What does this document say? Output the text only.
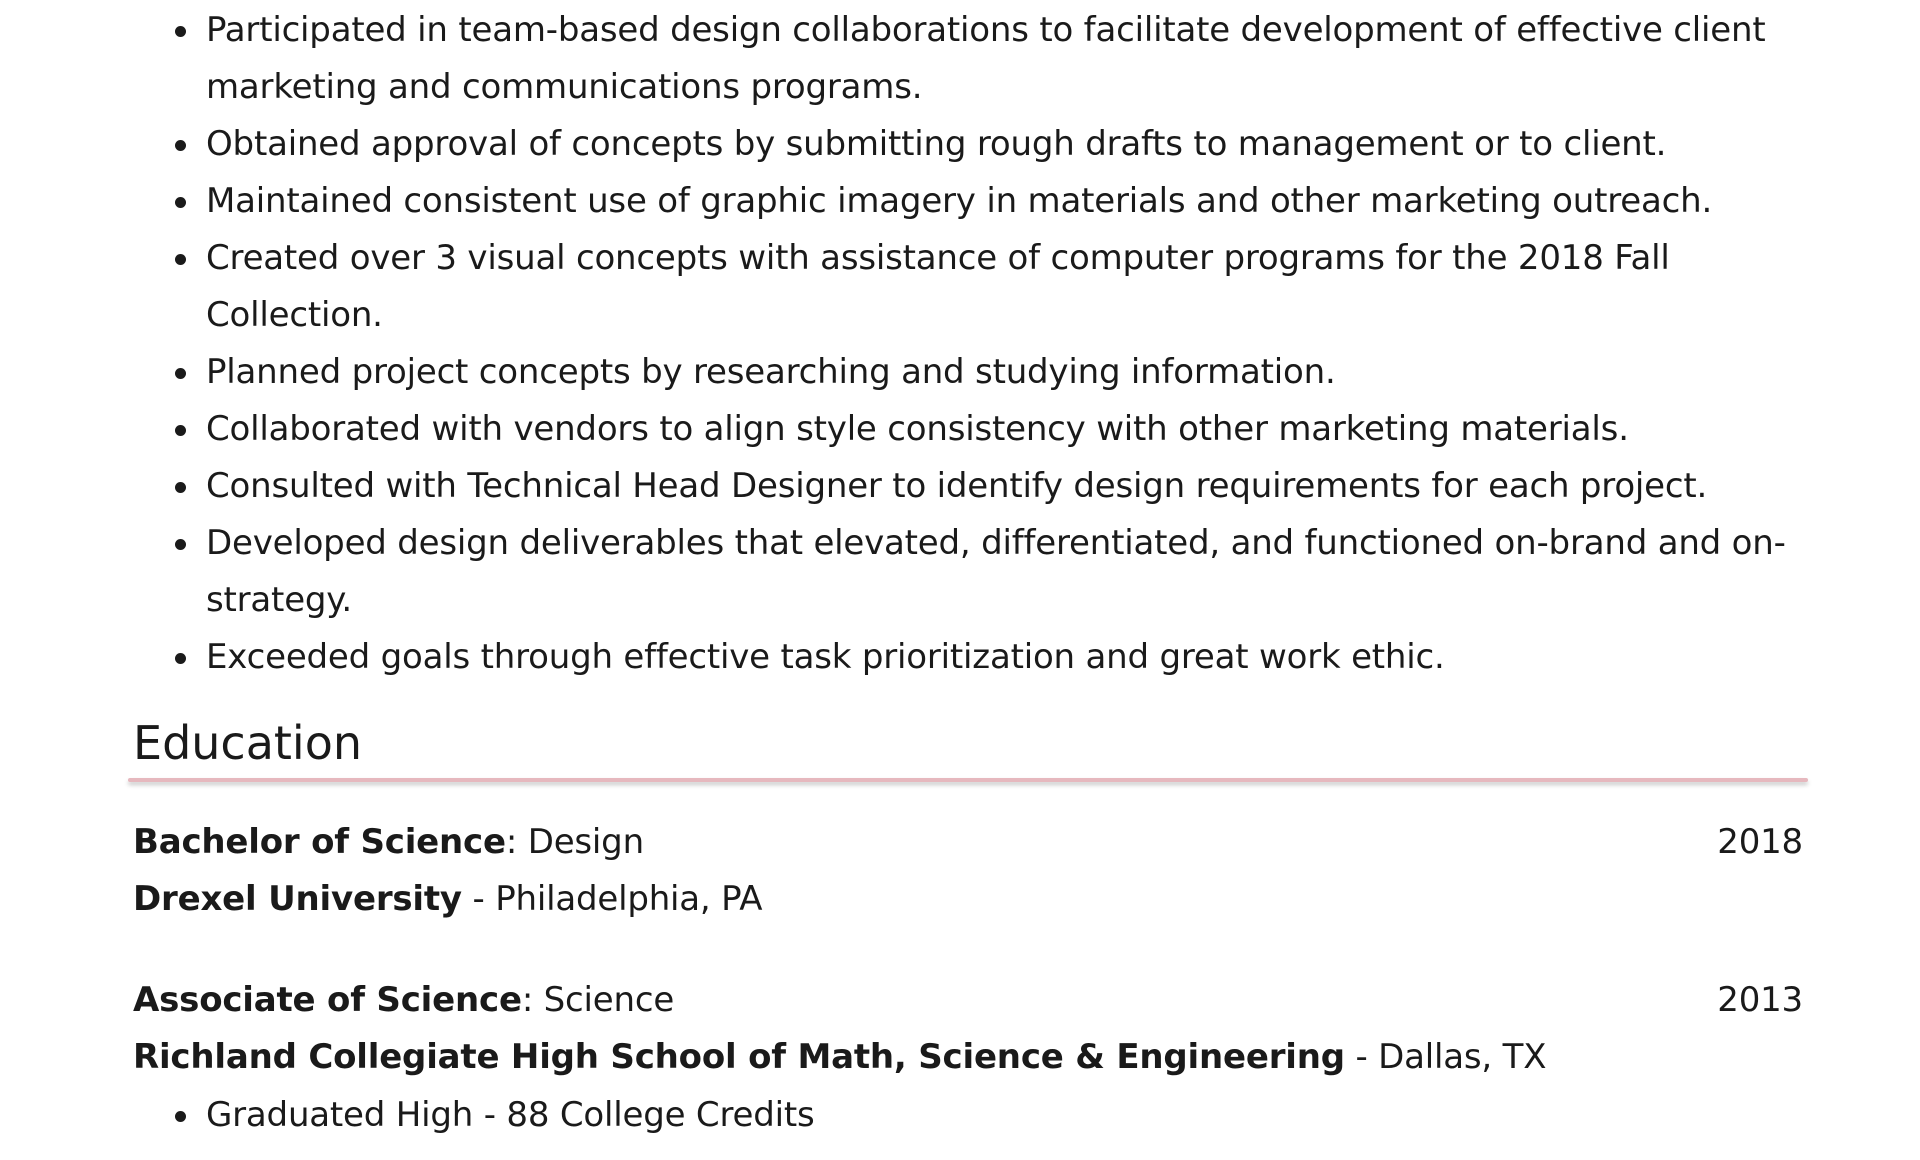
Participated in team-based design collaborations to facilitate development of effective client marketing and communications programs.
Obtained approval of concepts by submitting rough drafts to management or to client.
Maintained consistent use of graphic imagery in materials and other marketing outreach.
Created over 3 visual concepts with assistance of computer programs for the 2018 Fall Collection.
Planned project concepts by researching and studying information.
Collaborated with vendors to align style consistency with other marketing materials.
Consulted with Technical Head Designer to identify design requirements for each project.
Developed design deliverables that elevated, differentiated, and functioned on-brand and on-strategy.
Exceeded goals through effective task prioritization and great work ethic.
Education
Bachelor of Science: Design	2018
Drexel University - Philadelphia, PA
Associate of Science: Science	2013
Richland Collegiate High School of Math, Science & Engineering - Dallas, TX
Graduated High - 88 College Credits
